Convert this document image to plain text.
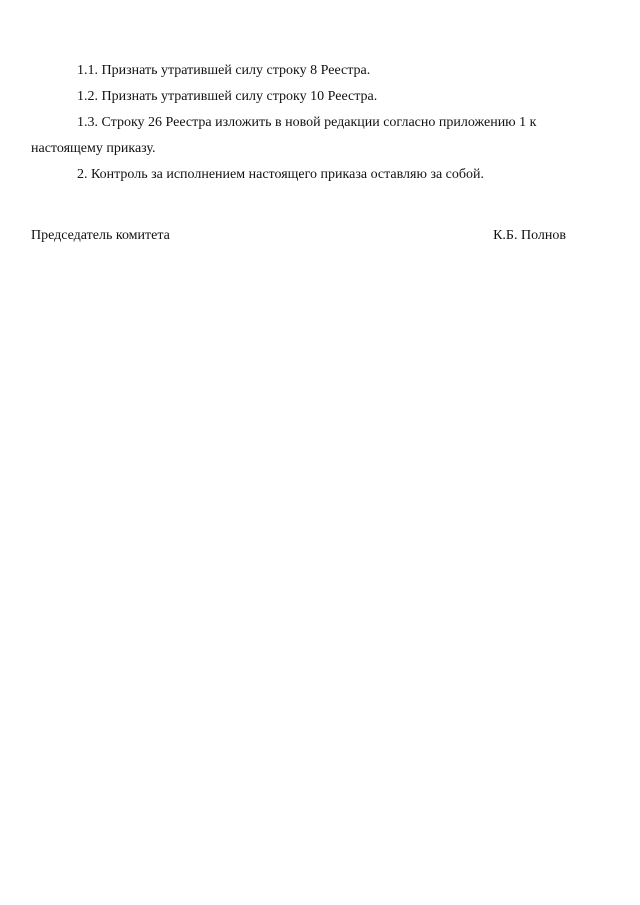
1.1. Признать утратившей силу строку 8 Реестра.
1.2. Признать утратившей силу строку 10 Реестра.
1.3. Строку 26 Реестра изложить в новой редакции согласно приложению 1 к настоящему приказу.
2. Контроль за исполнением настоящего приказа оставляю за собой.
Председатель комитета	К.Б. Полнов
